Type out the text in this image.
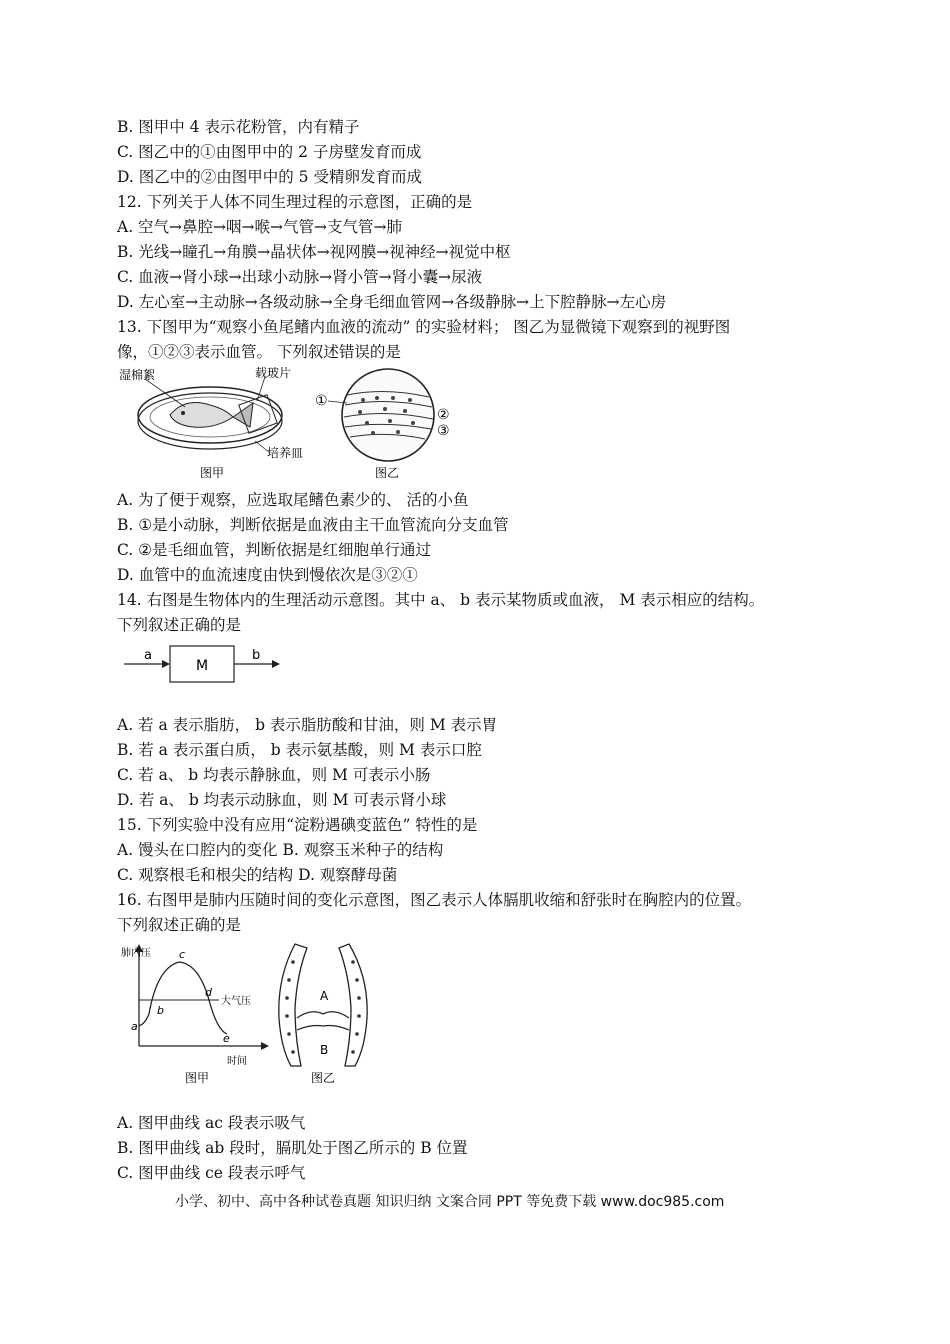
B. 图甲中 4 表示花粉管，内有精子
C. 图乙中的①由图甲中的 2 子房壁发育而成
D. 图乙中的②由图甲中的 5 受精卵发育而成
12. 下列关于人体不同生理过程的示意图，正确的是
A. 空气→鼻腔→咽→喉→气管→支气管→肺
B. 光线→瞳孔→角膜→晶状体→视网膜→视神经→视觉中枢
C. 血液→肾小球→出球小动脉→肾小管→肾小囊→尿液
D. 左心室→主动脉→各级动脉→全身毛细血管网→各级静脉→上下腔静脉→左心房
13. 下图甲为“观察小鱼尾鳍内血液的流动” 的实验材料； 图乙为显微镜下观察到的视野图
像，①②③表示血管。 下列叙述错误的是
湿棉絮	载玻片
培养皿
图甲
①
②
③
图乙
A. 为了便于观察，应选取尾鳍色素少的、 活的小鱼
B. ①是小动脉，判断依据是血液由主干血管流向分支血管
C. ②是毛细血管，判断依据是红细胞单行通过
D. 血管中的血流速度由快到慢依次是③②①
14. 右图是生物体内的生理活动示意图。其中 a、 b 表示某物质或血液， M 表示相应的结构。
下列叙述正确的是
a
M
b
A. 若 a 表示脂肪， b 表示脂肪酸和甘油，则 M 表示胃
B. 若 a 表示蛋白质， b 表示氨基酸，则 M 表示口腔
C. 若 a、 b 均表示静脉血，则 M 可表示小肠
D. 若 a、 b 均表示动脉血，则 M 可表示肾小球
15. 下列实验中没有应用“淀粉遇碘变蓝色” 特性的是
A. 馒头在口腔内的变化 B. 观察玉米种子的结构
C. 观察根毛和根尖的结构 D. 观察酵母菌
16. 右图甲是肺内压随时间的变化示意图，图乙表示人体膈肌收缩和舒张时在胸腔内的位置。
下列叙述正确的是
肺内压
时间
大气压
a
b
c
d
e
图甲
A
B
图乙
A. 图甲曲线 ac 段表示吸气
B. 图甲曲线 ab 段时，膈肌处于图乙所示的 B 位置
C. 图甲曲线 ce 段表示呼气
小学、初中、高中各种试卷真题 知识归纳 文案合同 PPT 等免费下载 www.doc985.com
